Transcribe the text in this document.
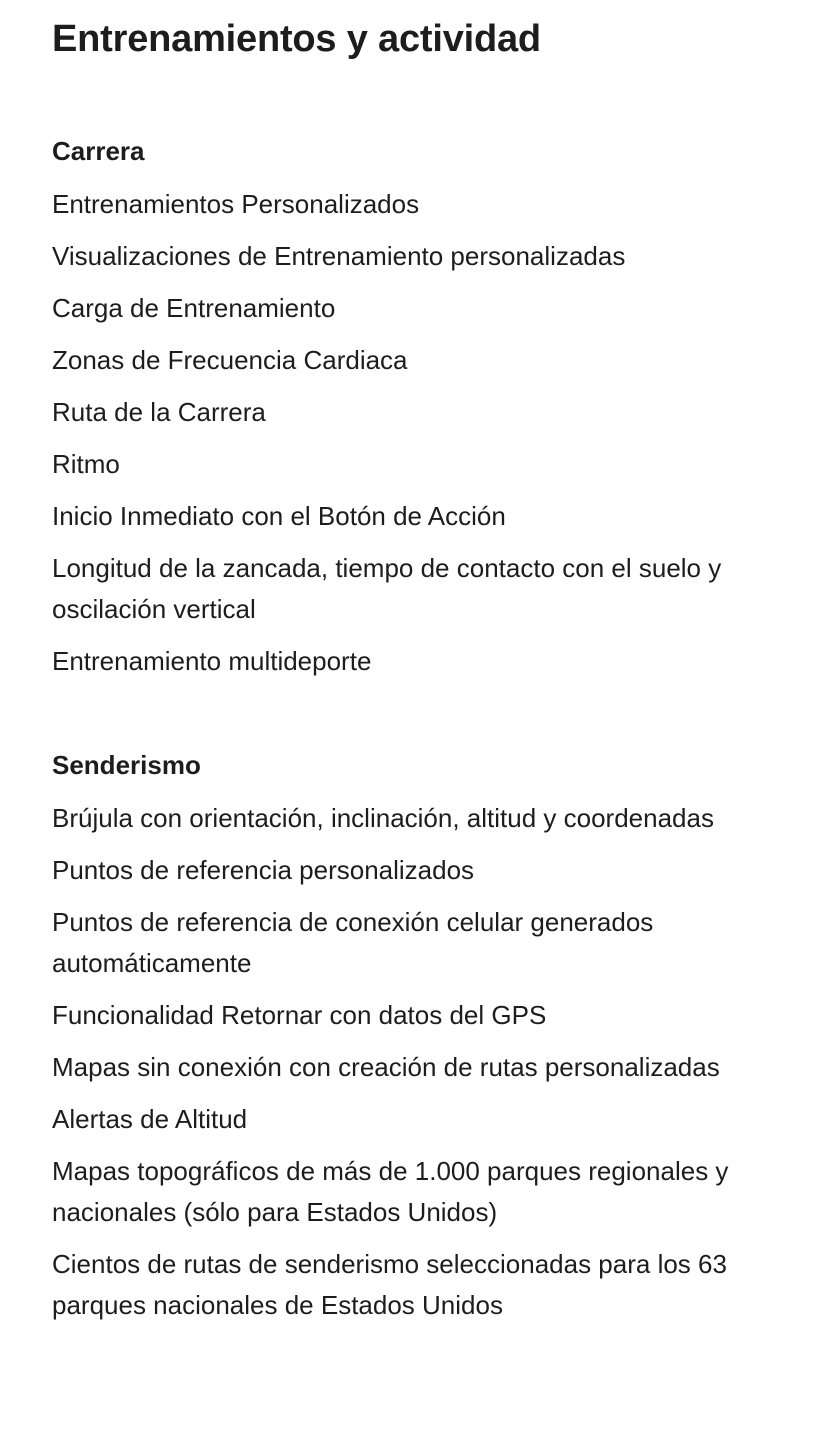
Entrenamientos y actividad
Carrera
Entrenamientos Personalizados
Visualizaciones de Entrenamiento personalizadas
Carga de Entrenamiento
Zonas de Frecuencia Cardiaca
Ruta de la Carrera
Ritmo
Inicio Inmediato con el Botón de Acción
Longitud de la zancada, tiempo de contacto con el suelo y oscilación vertical
Entrenamiento multideporte
Senderismo
Brújula con orientación, inclinación, altitud y coordenadas
Puntos de referencia personalizados
Puntos de referencia de conexión celular generados automáticamente
Funcionalidad Retornar con datos del GPS
Mapas sin conexión con creación de rutas personalizadas
Alertas de Altitud
Mapas topográficos de más de 1.000 parques regionales y nacionales (sólo para Estados Unidos)
Cientos de rutas de senderismo seleccionadas para los 63 parques nacionales de Estados Unidos
